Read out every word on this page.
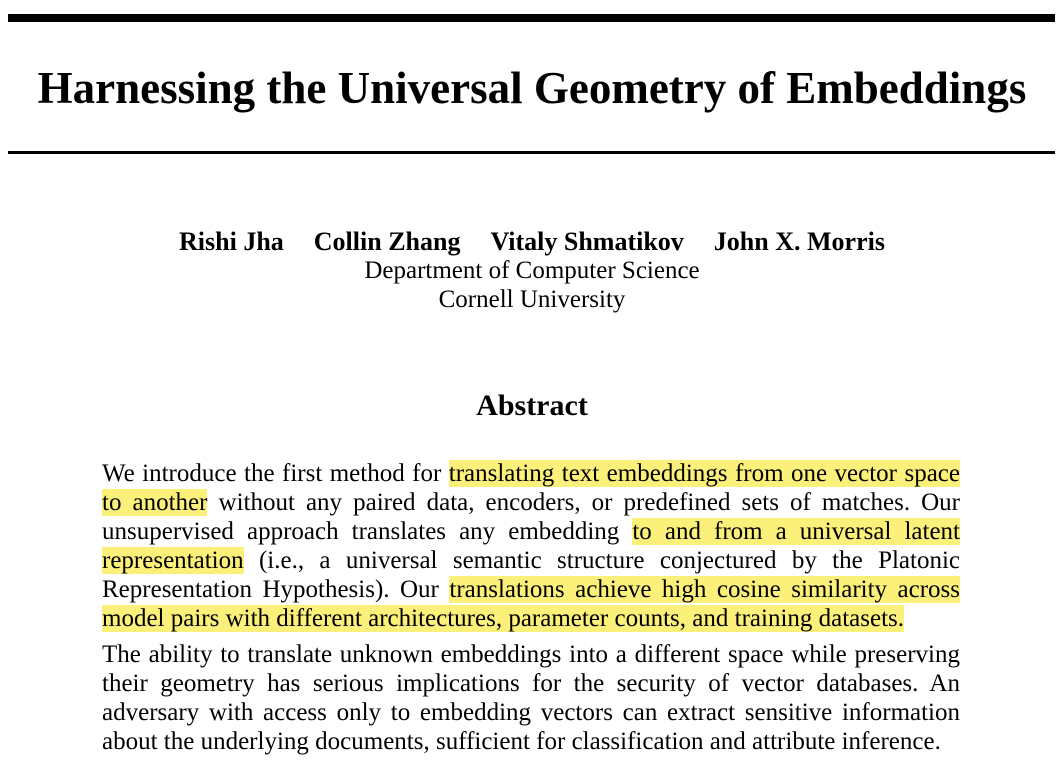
Harnessing the Universal Geometry of Embeddings
Rishi Jha Collin Zhang Vitaly Shmatikov John X. Morris
Department of Computer Science
Cornell University
Abstract

We introduce the first method for translating text embeddings from one vector space to another without any paired data, encoders, or predefined sets of matches. Our unsupervised approach translates any embedding to and from a universal latent representation (i.e., a universal semantic structure conjectured by the Platonic Representation Hypothesis). Our translations achieve high cosine similarity across model pairs with different architectures, parameter counts, and training datasets.

The ability to translate unknown embeddings into a different space while preserving their geometry has serious implications for the security of vector databases. An adversary with access only to embedding vectors can extract sensitive information about the underlying documents, sufficient for classification and attribute inference.
